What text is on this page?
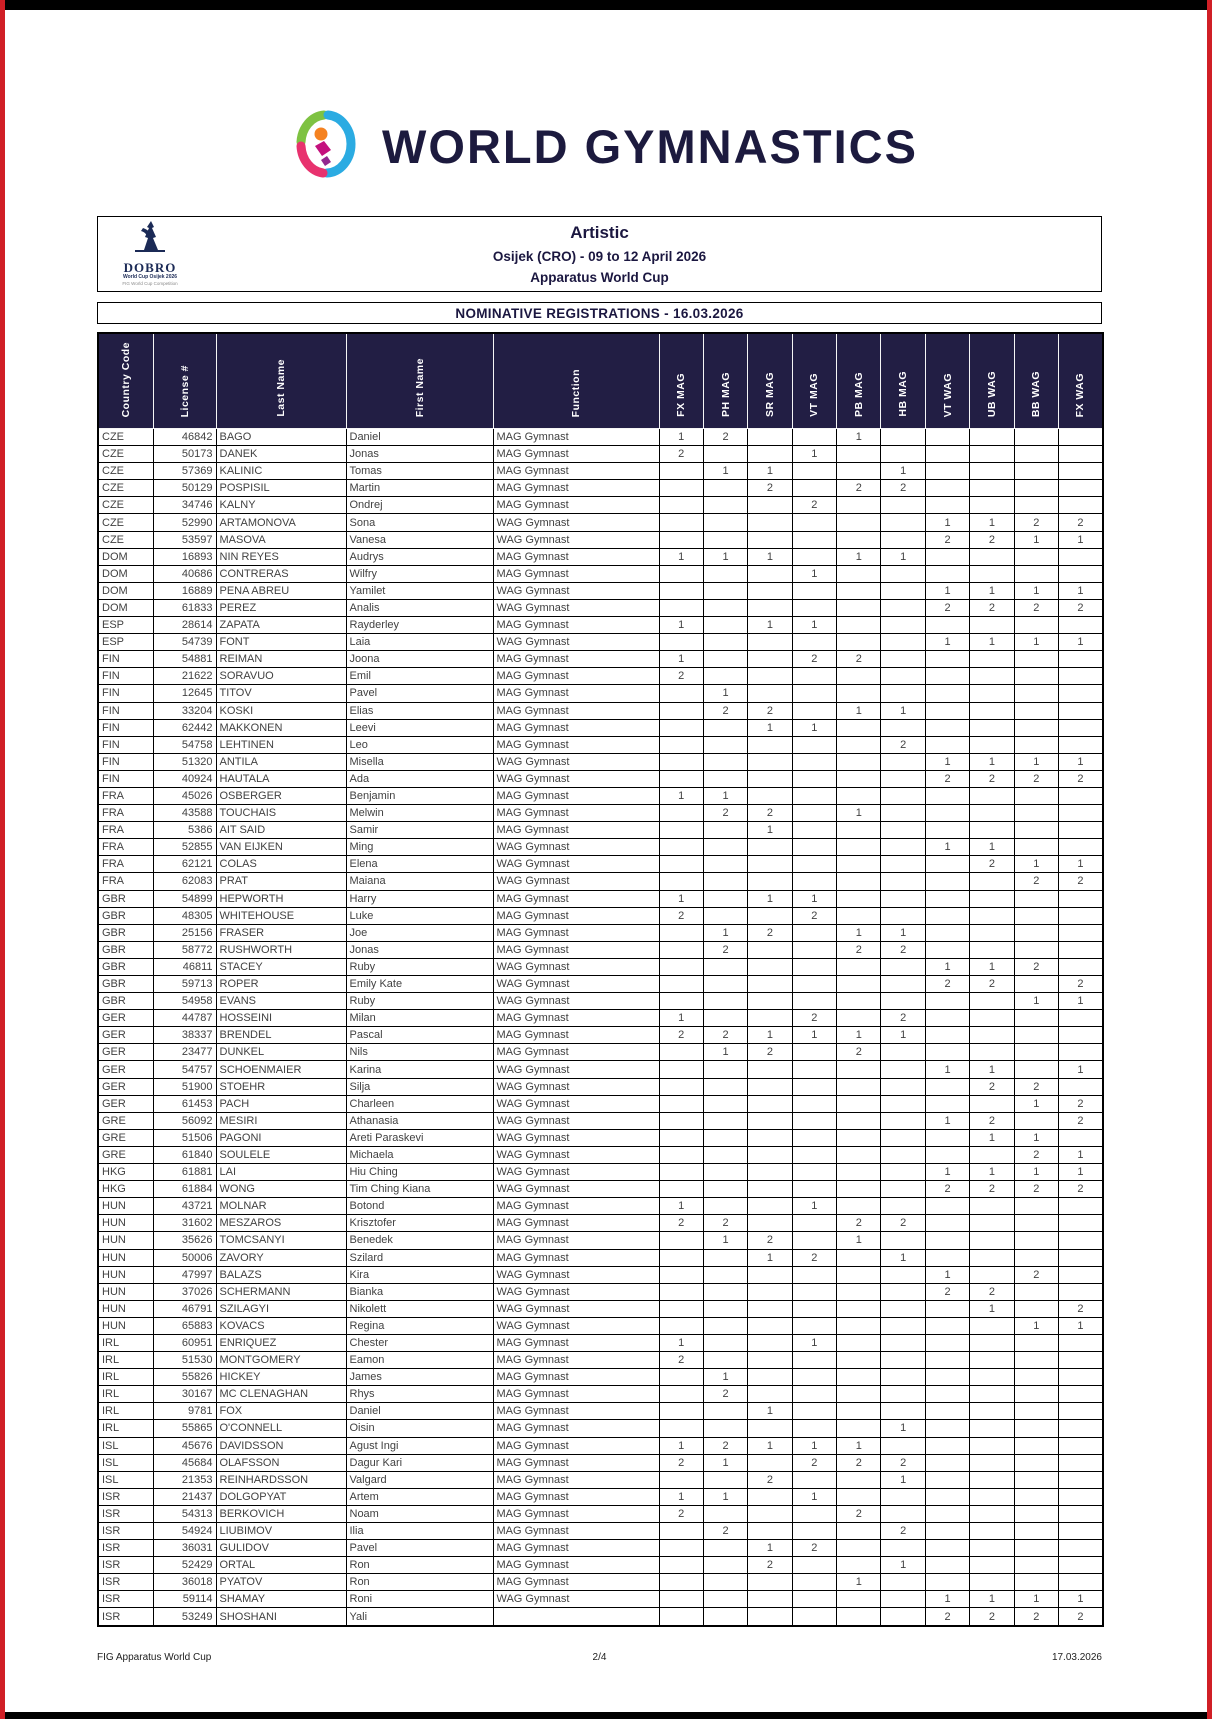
WORLD GYMNASTICS
DOBRO
World Cup Osijek 2026
FIG World Cup Competition
Artistic
Osijek (CRO) - 09 to 12 April 2026
Apparatus World Cup
NOMINATIVE REGISTRATIONS - 16.03.2026
Country Code	License #	Last Name	First Name	Function	FX MAG	PH MAG	SR MAG	VT MAG	PB MAG	HB MAG	VT WAG	UB WAG	BB WAG	FX WAG
CZE	46842	BAGO	Daniel	MAG Gymnast	1	2			1					
CZE	50173	DANEK	Jonas	MAG Gymnast	2			1						
CZE	57369	KALINIC	Tomas	MAG Gymnast		1	1			1				
CZE	50129	POSPISIL	Martin	MAG Gymnast			2		2	2				
CZE	34746	KALNY	Ondrej	MAG Gymnast				2						
CZE	52990	ARTAMONOVA	Sona	WAG Gymnast							1	1	2	2
CZE	53597	MASOVA	Vanesa	WAG Gymnast							2	2	1	1
DOM	16893	NIN REYES	Audrys	MAG Gymnast	1	1	1		1	1				
DOM	40686	CONTRERAS	Wilfry	MAG Gymnast				1						
DOM	16889	PENA ABREU	Yamilet	WAG Gymnast							1	1	1	1
DOM	61833	PEREZ	Analis	WAG Gymnast							2	2	2	2
ESP	28614	ZAPATA	Rayderley	MAG Gymnast	1		1	1						
ESP	54739	FONT	Laia	WAG Gymnast							1	1	1	1
FIN	54881	REIMAN	Joona	MAG Gymnast	1			2	2					
FIN	21622	SORAVUO	Emil	MAG Gymnast	2									
FIN	12645	TITOV	Pavel	MAG Gymnast		1								
FIN	33204	KOSKI	Elias	MAG Gymnast		2	2		1	1				
FIN	62442	MAKKONEN	Leevi	MAG Gymnast			1	1						
FIN	54758	LEHTINEN	Leo	MAG Gymnast						2				
FIN	51320	ANTILA	Misella	WAG Gymnast							1	1	1	1
FIN	40924	HAUTALA	Ada	WAG Gymnast							2	2	2	2
FRA	45026	OSBERGER	Benjamin	MAG Gymnast	1	1								
FRA	43588	TOUCHAIS	Melwin	MAG Gymnast		2	2		1					
FRA	5386	AIT SAID	Samir	MAG Gymnast			1							
FRA	52855	VAN EIJKEN	Ming	WAG Gymnast							1	1		
FRA	62121	COLAS	Elena	WAG Gymnast								2	1	1
FRA	62083	PRAT	Maiana	WAG Gymnast									2	2
GBR	54899	HEPWORTH	Harry	MAG Gymnast	1		1	1						
GBR	48305	WHITEHOUSE	Luke	MAG Gymnast	2			2						
GBR	25156	FRASER	Joe	MAG Gymnast		1	2		1	1				
GBR	58772	RUSHWORTH	Jonas	MAG Gymnast		2			2	2				
GBR	46811	STACEY	Ruby	WAG Gymnast							1	1	2	
GBR	59713	ROPER	Emily Kate	WAG Gymnast							2	2		2
GBR	54958	EVANS	Ruby	WAG Gymnast									1	1
GER	44787	HOSSEINI	Milan	MAG Gymnast	1			2		2				
GER	38337	BRENDEL	Pascal	MAG Gymnast	2	2	1	1	1	1				
GER	23477	DUNKEL	Nils	MAG Gymnast		1	2		2					
GER	54757	SCHOENMAIER	Karina	WAG Gymnast							1	1		1
GER	51900	STOEHR	Silja	WAG Gymnast								2	2	
GER	61453	PACH	Charleen	WAG Gymnast									1	2
GRE	56092	MESIRI	Athanasia	WAG Gymnast							1	2		2
GRE	51506	PAGONI	Areti Paraskevi	WAG Gymnast								1	1	
GRE	61840	SOULELE	Michaela	WAG Gymnast									2	1
HKG	61881	LAI	Hiu Ching	WAG Gymnast							1	1	1	1
HKG	61884	WONG	Tim Ching Kiana	WAG Gymnast							2	2	2	2
HUN	43721	MOLNAR	Botond	MAG Gymnast	1			1						
HUN	31602	MESZAROS	Krisztofer	MAG Gymnast	2	2			2	2				
HUN	35626	TOMCSANYI	Benedek	MAG Gymnast		1	2		1					
HUN	50006	ZAVORY	Szilard	MAG Gymnast			1	2		1				
HUN	47997	BALAZS	Kira	WAG Gymnast							1		2	
HUN	37026	SCHERMANN	Bianka	WAG Gymnast							2	2		
HUN	46791	SZILAGYI	Nikolett	WAG Gymnast								1		2
HUN	65883	KOVACS	Regina	WAG Gymnast									1	1
IRL	60951	ENRIQUEZ	Chester	MAG Gymnast	1			1						
IRL	51530	MONTGOMERY	Eamon	MAG Gymnast	2									
IRL	55826	HICKEY	James	MAG Gymnast		1								
IRL	30167	MC CLENAGHAN	Rhys	MAG Gymnast		2								
IRL	9781	FOX	Daniel	MAG Gymnast			1							
IRL	55865	O'CONNELL	Oisin	MAG Gymnast						1				
ISL	45676	DAVIDSSON	Agust Ingi	MAG Gymnast	1	2	1	1	1					
ISL	45684	OLAFSSON	Dagur Kari	MAG Gymnast	2	1		2	2	2				
ISL	21353	REINHARDSSON	Valgard	MAG Gymnast			2			1				
ISR	21437	DOLGOPYAT	Artem	MAG Gymnast	1	1		1						
ISR	54313	BERKOVICH	Noam	MAG Gymnast	2				2					
ISR	54924	LIUBIMOV	Ilia	MAG Gymnast		2				2				
ISR	36031	GULIDOV	Pavel	MAG Gymnast			1	2						
ISR	52429	ORTAL	Ron	MAG Gymnast			2			1				
ISR	36018	PYATOV	Ron	MAG Gymnast					1					
ISR	59114	SHAMAY	Roni	WAG Gymnast							1	1	1	1
ISR	53249	SHOSHANI	Yali								2	2	2	2
FIG Apparatus World Cup	2/4	17.03.2026
